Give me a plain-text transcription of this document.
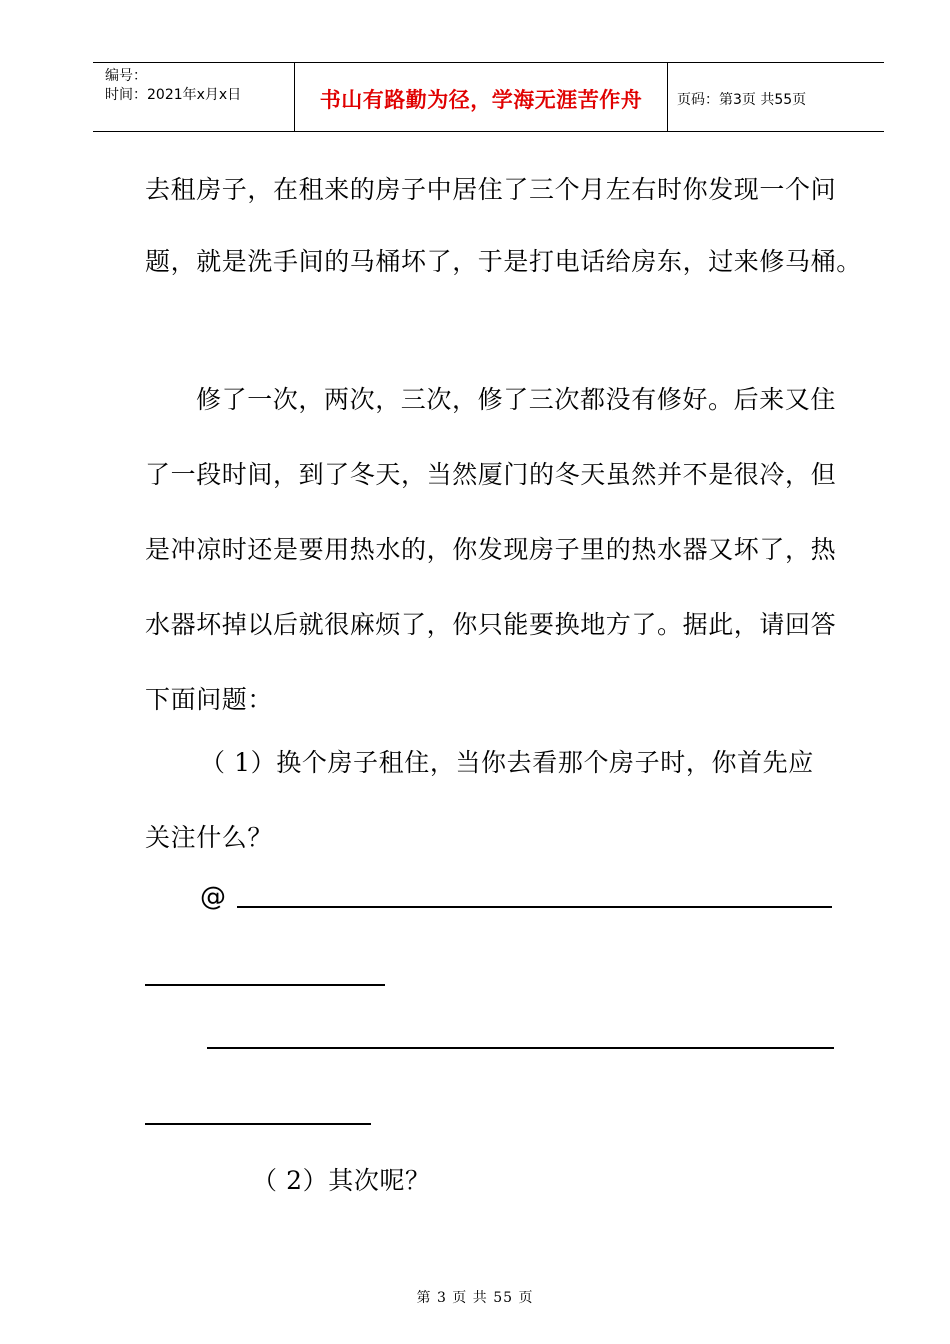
编号：
时间：2021年x月x日	书山有路勤为径，学海无涯苦作舟	页码：第3页 共55页
去租房子，在租来的房子中居住了三个月左右时你发现一个问
题，就是洗手间的马桶坏了，于是打电话给房东，过来修马桶。
修了一次，两次，三次，修了三次都没有修好。后来又住
了一段时间，到了冬天，当然厦门的冬天虽然并不是很冷，但
是冲凉时还是要用热水的，你发现房子里的热水器又坏了，热
水器坏掉以后就很麻烦了，你只能要换地方了。据此，请回答
下面问题：
（ 1）换个房子租住，当你去看那个房子时，你首先应
关注什么？
@
（ 2）其次呢？
第 3 页 共 55 页
